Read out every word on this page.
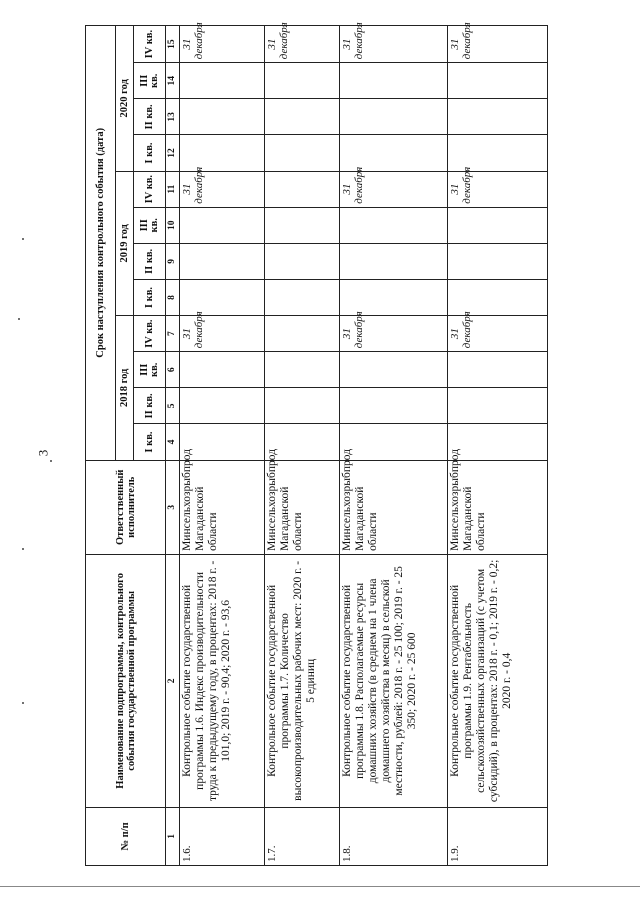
3
№ п/п	Наименование подпрограммы, контрольного события государственной программы	Ответственный исполнитель	Срок наступления контрольного события (дата)											
			2018 год				2019 год				2020 год			
			I кв.	II кв.	III кв.	IV кв.	I кв.	II кв.	III кв.	IV кв.	I кв.	II кв.	III кв.	IV кв.
1	2	3	4	5	6	7	8	9	10	11	12	13	14	15
1.6.	Контрольное событие государственной программы 1.6. Индекс производительности труда к предыдущему году, в процентах: 2018 г. - 101,0; 2019 г. - 90,4; 2020 г. - 93,6	Минсельхозрыбпрод Магаданской области				31 декабря				31 декабря				31 декабря
1.7.	Контрольное событие государственной программы 1.7. Количество высокопроизводительных рабочих мест: 2020 г. - 5 единиц	Минсельхозрыбпрод Магаданской области												31 декабря
1.8.	Контрольное событие государственной программы 1.8. Располагаемые ресурсы домашних хозяйств (в среднем на 1 члена домашнего хозяйства в месяц) в сельской местности, рублей: 2018 г. - 25 100; 2019 г. - 25 350; 2020 г. - 25 600	Минсельхозрыбпрод Магаданской области				31 декабря				31 декабря				31 декабря
1.9.	Контрольное событие государственной программы 1.9. Рентабельность сельскохозяйственных организаций (с учетом субсидий), в процентах: 2018 г. - 0,1; 2019 г. - 0,2; 2020 г. - 0,4	Минсельхозрыбпрод Магаданской области				31 декабря				31 декабря				31 декабря
